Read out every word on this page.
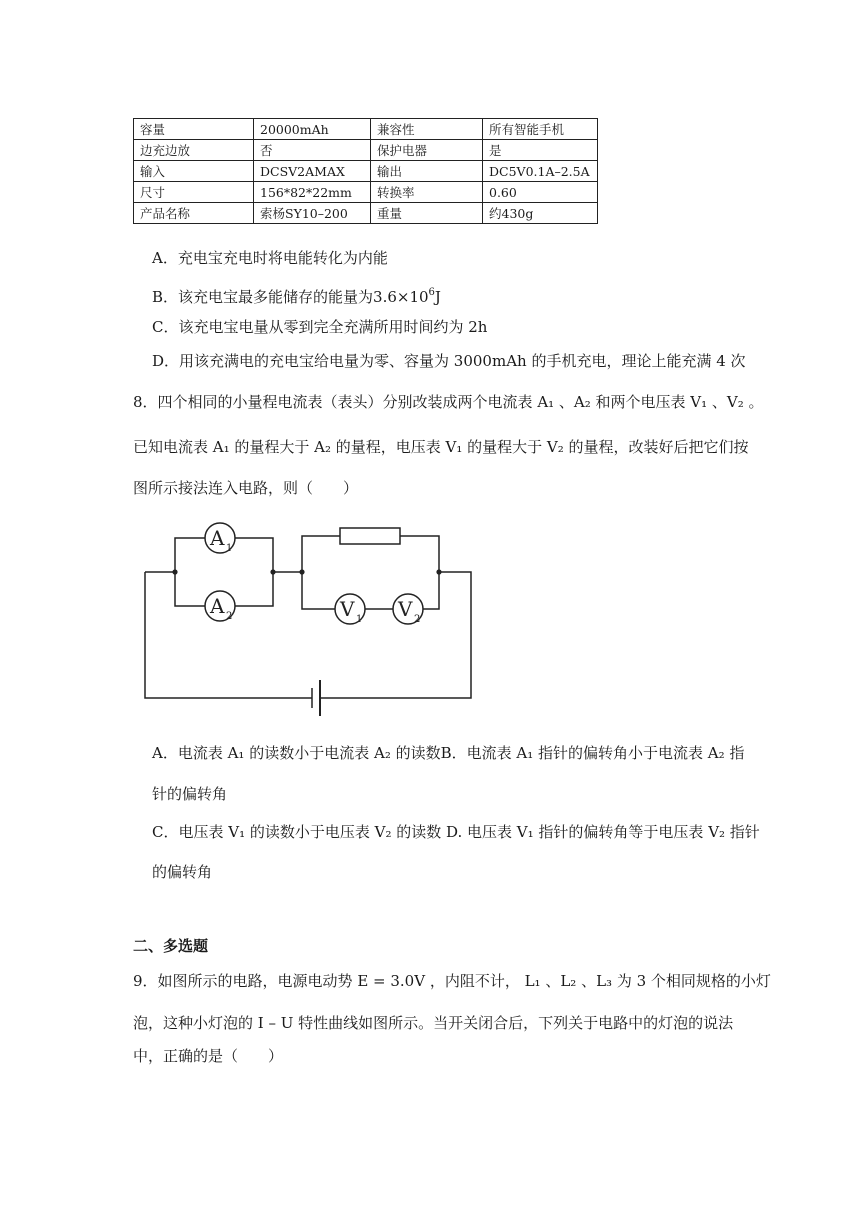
容量	20000mAh	兼容性	所有智能手机
边充边放	否	保护电器	是
输入	DCSV2AMAX	输出	DC5V0.1A–2.5A
尺寸	156*82*22mm	转换率	0.60
产品名称	索杨SY10–200	重量	约430g
A．充电宝充电时将电能转化为内能
B．该充电宝最多能储存的能量为$3.6\times 10^6J$
C．该充电宝电量从零到完全充满所用时间约为 2h
D．用该充满电的充电宝给电量为零、容量为 3000mAh 的手机充电，理论上能充满 4 次
8．四个相同的小量程电流表（表头）分别改装成两个电流表 A₁ 、A₂ 和两个电压表 V₁ 、V₂ 。
已知电流表 A₁ 的量程大于 A₂ 的量程，电压表 V₁ 的量程大于 V₂ 的量程，改装好后把它们按
图所示接法连入电路，则（　　）
A 1
A 2	V 1 V 2
A．电流表 A₁ 的读数小于电流表 A₂ 的读数B．电流表 A₁ 指针的偏转角小于电流表 A₂ 指
针的偏转角
C．电压表 V₁ 的读数小于电压表 V₂ 的读数 D. 电压表 V₁ 指针的偏转角等于电压表 V₂ 指针
的偏转角
二、多选题
9．如图所示的电路，电源电动势 E = 3.0V ，内阻不计， L₁ 、L₂ 、L₃ 为 3 个相同规格的小灯
泡，这种小灯泡的 I – U 特性曲线如图所示。当开关闭合后，下列关于电路中的灯泡的说法
中，正确的是（　　）
